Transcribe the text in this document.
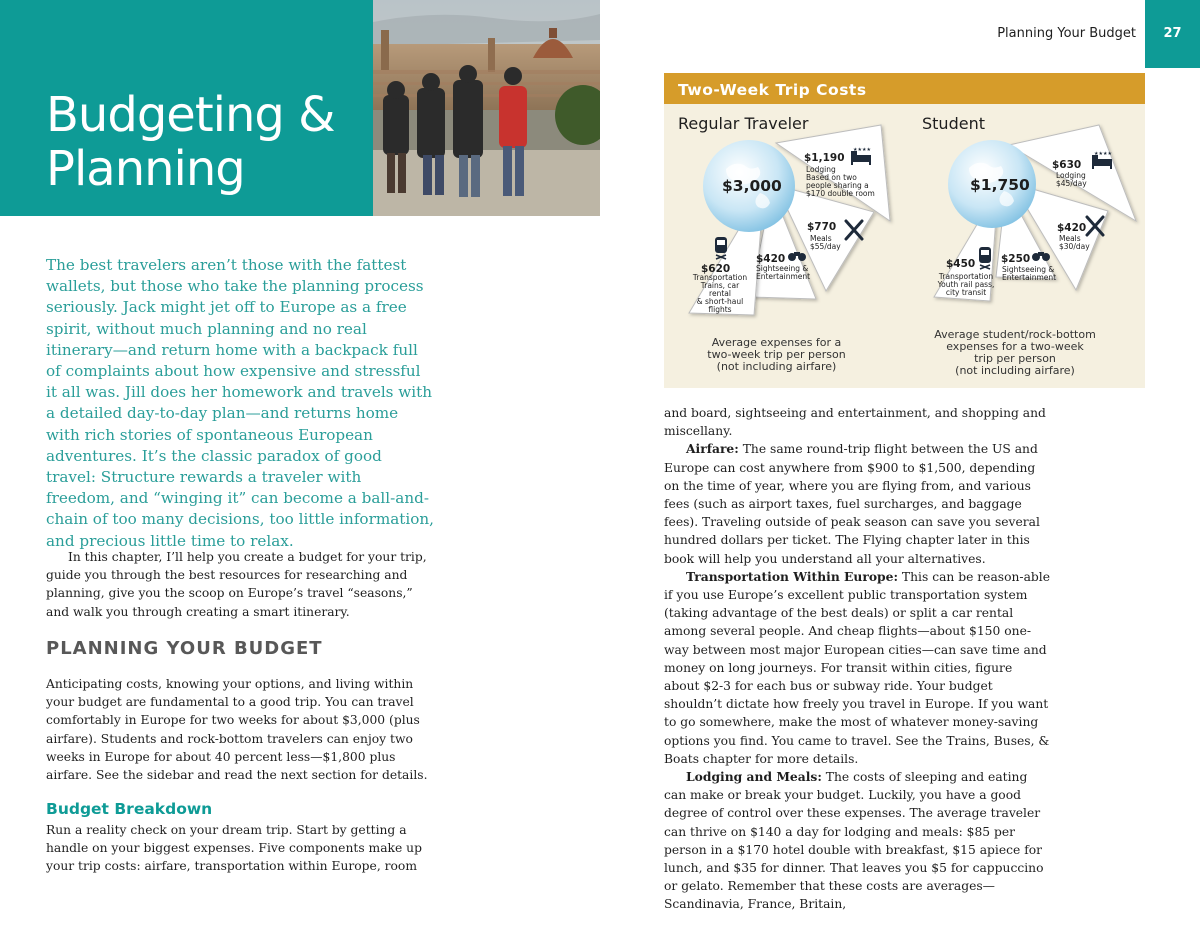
Budgeting &
Planning
Planning Your Budget	27

The best travelers aren’t those with the fattest wallets, but those who take the planning process seriously. Jack might jet off to Europe as a free spirit, without much planning and no real itinerary—and return home with a backpack full of complaints about how expensive and stressful it all was. Jill does her homework and travels with a detailed day-to-day plan—and returns home with rich stories of spontaneous European adventures. It’s the classic paradox of good travel: Structure rewards a traveler with freedom, and “winging it” can become a ball-and-chain of too many decisions, too little information, and precious little time to relax.

In this chapter, I’ll help you create a budget for your trip, guide you through the best resources for researching and planning, give you the scoop on Europe’s travel “seasons,” and walk you through creating a smart itinerary.

PLANNING YOUR BUDGET

Anticipating costs, knowing your options, and living within your budget are fundamental to a good trip. You can travel comfortably in Europe for two weeks for about $3,000 (plus airfare). Students and rock-bottom travelers can enjoy two weeks in Europe for about 40 percent less—$1,800 plus airfare. See the sidebar and read the next section for details.

Budget Breakdown

Run a reality check on your dream trip. Start by getting a handle on your biggest expenses. Five components make up your trip costs: airfare, transportation within Europe, room

Two-Week Trip Costs
★★★★
★★★★
Regular Traveler
$3,000
$1,190
Lodging
Based on two
people sharing a
$170 double room
$770
Meals
$55/day
$420
Sightseeing &
Entertainment
$620
Transportation
Trains, car rental
& short-haul
flights
Average expenses for a
two-week trip per person
(not including airfare)
Student
$1,750
$630
Lodging
$45/day
$420
Meals
$30/day
$250
Sightseeing &
Entertainment
$450
Transportation
Youth rail pass,
city transit
Average student/rock-bottom
expenses for a two-week
trip per person
(not including airfare)

and board, sightseeing and entertainment, and shopping and miscellany.

Airfare: The same round-trip flight between the US and Europe can cost anywhere from $900 to $1,500, depending on the time of year, where you are flying from, and various fees (such as airport taxes, fuel surcharges, and baggage fees). Traveling outside of peak season can save you several hundred dollars per ticket. The Flying chapter later in this book will help you understand all your alternatives.

Transportation Within Europe: This can be reason-able if you use Europe’s excellent public transportation system (taking advantage of the best deals) or split a car rental among several people. And cheap flights—about $150 one-way between most major European cities—can save time and money on long journeys. For transit within cities, figure about $2-3 for each bus or subway ride. Your budget shouldn’t dictate how freely you travel in Europe. If you want to go somewhere, make the most of whatever money-saving options you find. You came to travel. See the Trains, Buses, & Boats chapter for more details.

Lodging and Meals: The costs of sleeping and eating can make or break your budget. Luckily, you have a good degree of control over these expenses. The average traveler can thrive on $140 a day for lodging and meals: $85 per person in a $170 hotel double with breakfast, $15 apiece for lunch, and $35 for dinner. That leaves you $5 for cappuccino or gelato. Remember that these costs are averages—Scandinavia, France, Britain,
